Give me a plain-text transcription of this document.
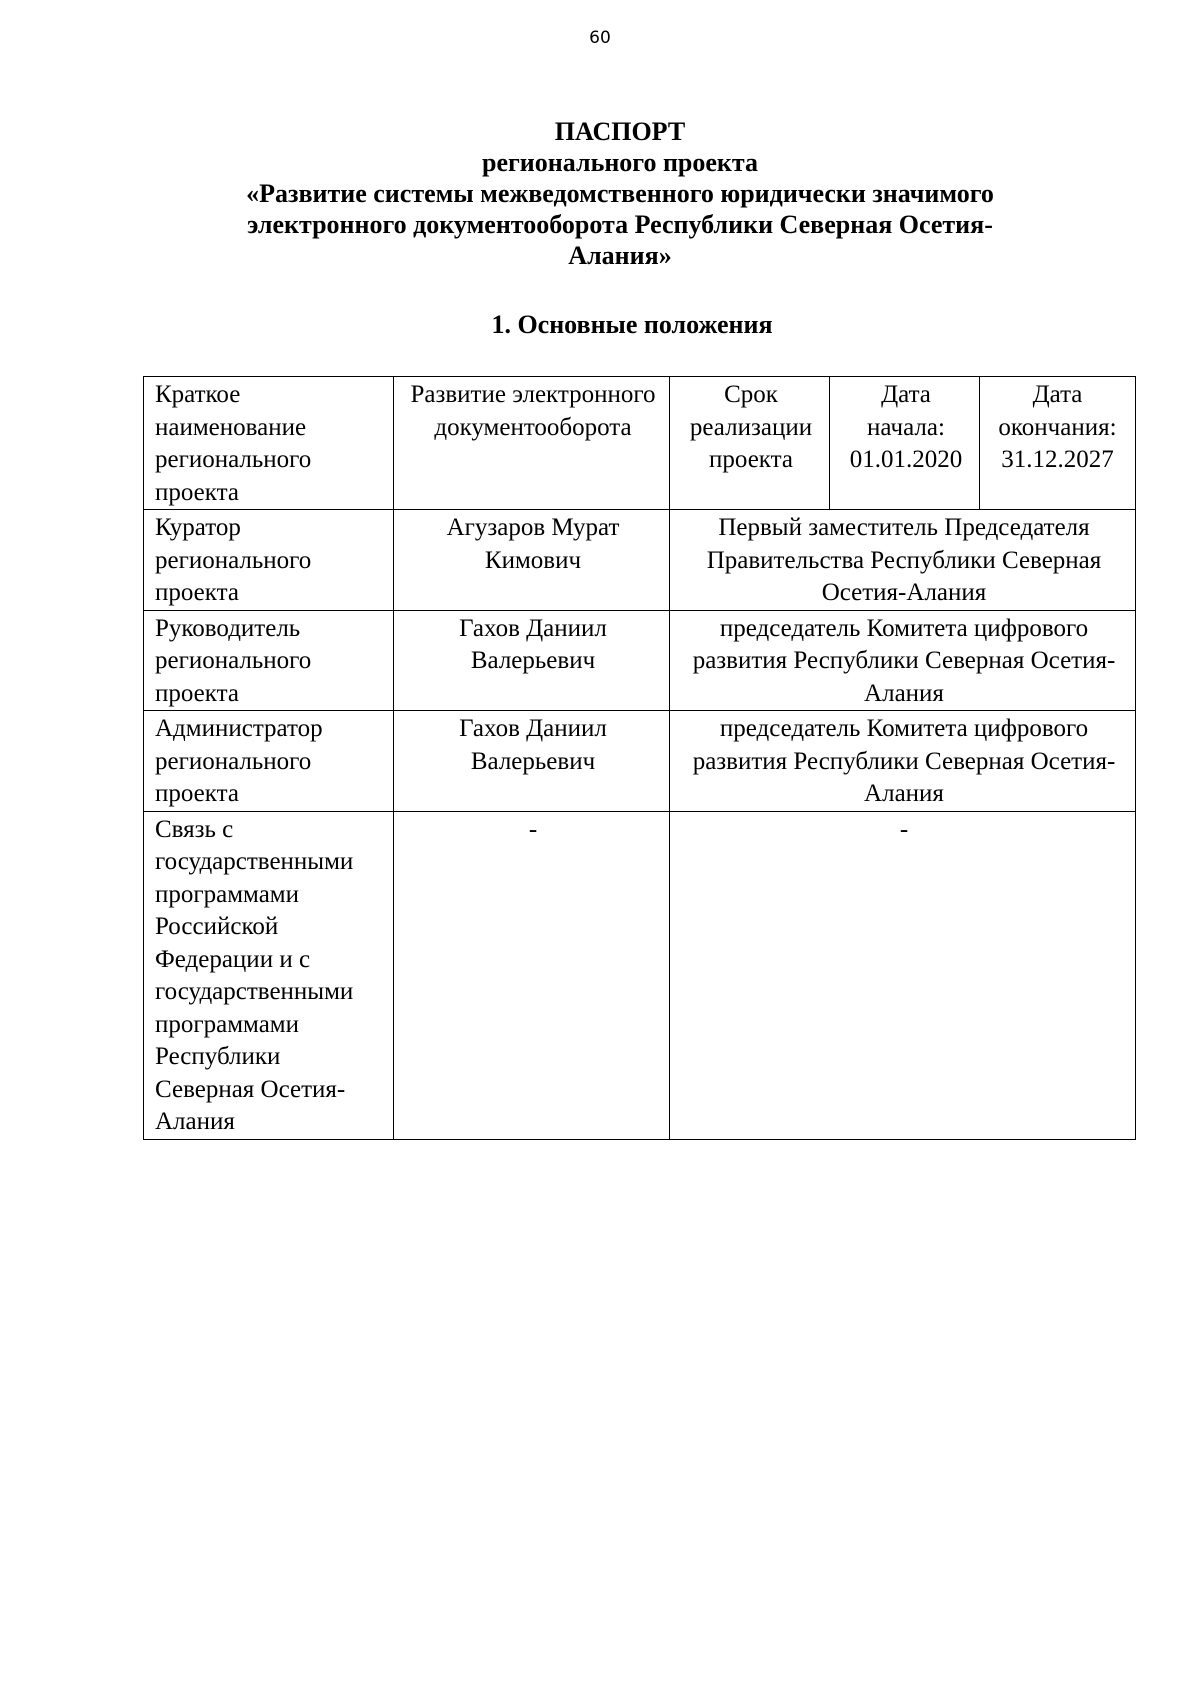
60
ПАСПОРТ
регионального проекта
«Развитие системы межведомственного юридически значимого
электронного документооборота Республики Северная Осетия-
Алания»
1. Основные положения
Краткое наименование регионального проекта	Развитие электронного документооборота	Срок реализации проекта	Дата начала: 01.01.2020	Дата окончания: 31.12.2027
Куратор регионального проекта	Агузаров Мурат Кимович	Первый заместитель Председателя Правительства Республики Северная Осетия-Алания		
Руководитель регионального проекта	Гахов Даниил Валерьевич	председатель Комитета цифрового развития Республики Северная Осетия-Алания		
Администратор регионального проекта	Гахов Даниил Валерьевич	председатель Комитета цифрового развития Республики Северная Осетия-Алания		
Связь с государственными программами Российской Федерации и с государственными программами Республики Северная Осетия-Алания	-	-		
